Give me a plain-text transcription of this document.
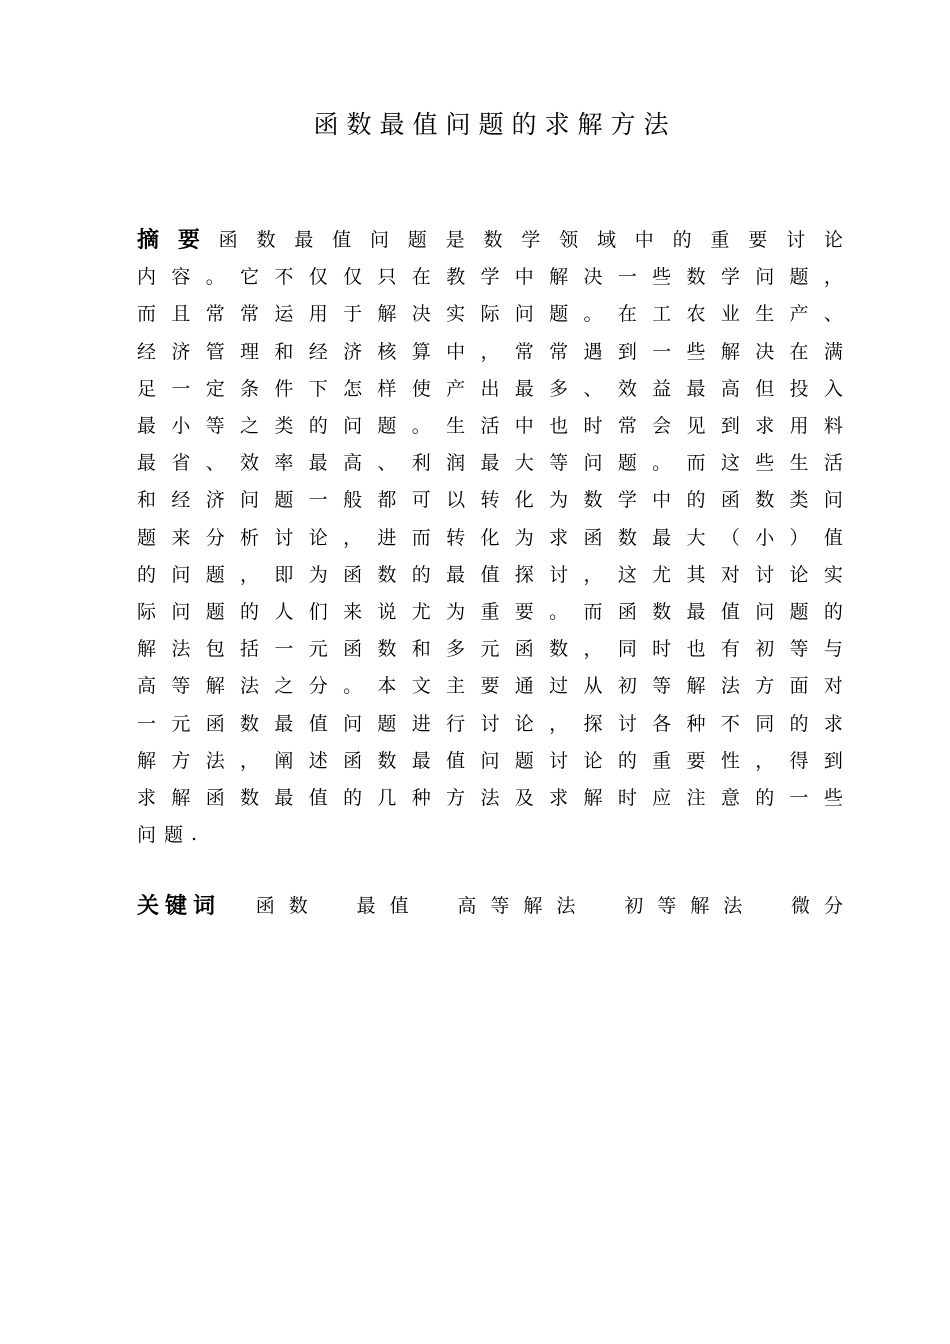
函数最值问题的求解方法
摘 要 函 数 最 值 问 题 是 数 学 领 域 中 的 重 要 讨 论
内 容 。 它 不 仅 仅 只 在 教 学 中 解 决 一 些 数 学 问 题 ，
而 且 常 常 运 用 于 解 决 实 际 问 题 。 在 工 农 业 生 产 、
经 济 管 理 和 经 济 核 算 中 ， 常 常 遇 到 一 些 解 决 在 满
足 一 定 条 件 下 怎 样 使 产 出 最 多 、 效 益 最 高 但 投 入
最 小 等 之 类 的 问 题 。 生 活 中 也 时 常 会 见 到 求 用 料
最 省 、 效 率 最 高 、 利 润 最 大 等 问 题 。 而 这 些 生 活
和 经 济 问 题 一 般 都 可 以 转 化 为 数 学 中 的 函 数 类 问
题 来 分 析 讨 论 ， 进 而 转 化 为 求 函 数 最 大 （ 小 ） 值
的 问 题 ， 即 为 函 数 的 最 值 探 讨 ， 这 尤 其 对 讨 论 实
际 问 题 的 人 们 来 说 尤 为 重 要 。 而 函 数 最 值 问 题 的
解 法 包 括 一 元 函 数 和 多 元 函 数 ， 同 时 也 有 初 等 与
高 等 解 法 之 分 。 本 文 主 要 通 过 从 初 等 解 法 方 面 对
一 元 函 数 最 值 问 题 进 行 讨 论 ， 探 讨 各 种 不 同 的 求
解 方 法 ， 阐 述 函 数 最 值 问 题 讨 论 的 重 要 性 ， 得 到
求 解 函 数 最 值 的 几 种 方 法 及 求 解 时 应 注 意 的 一 些
问 题 .
关键词 函数 最值 高等解法 初等解法 微分
